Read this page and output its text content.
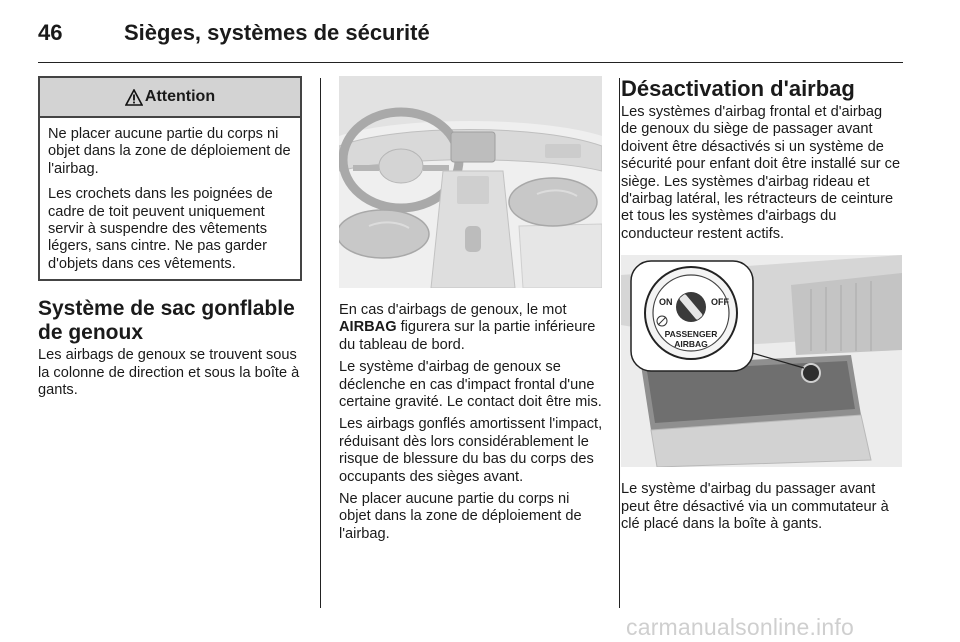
46	Sièges, systèmes de sécurité
Attention

Ne placer aucune partie du corps ni objet dans la zone de déploiement de l'airbag.

Les crochets dans les poignées de cadre de toit peuvent uniquement servir à suspendre des vêtements légers, sans cintre. Ne pas garder d'objets dans ces vêtements.

Système de sac gonflable de genoux

Les airbags de genoux se trouvent sous la colonne de direction et sous la boîte à gants.

En cas d'airbags de genoux, le mot AIRBAG figurera sur la partie inférieure du tableau de bord.

Le système d'airbag de genoux se déclenche en cas d'impact frontal d'une certaine gravité. Le contact doit être mis.

Les airbags gonflés amortissent l'impact, réduisant dès lors considérablement le risque de blessure du bas du corps des occupants des sièges avant.

Ne placer aucune partie du corps ni objet dans la zone de déploiement de l'airbag.

Désactivation d'airbag

Les systèmes d'airbag frontal et d'airbag de genoux du siège de passager avant doivent être désactivés si un système de sécurité pour enfant doit être installé sur ce siège. Les systèmes d'airbag rideau et d'airbag latéral, les rétracteurs de ceinture et tous les systèmes d'airbags du conducteur restent actifs.

ON	OFF
PASSENGER
AIRBAG

Le système d'airbag du passager avant peut être désactivé via un commutateur à clé placé dans la boîte à gants.

carmanualsonline.info
